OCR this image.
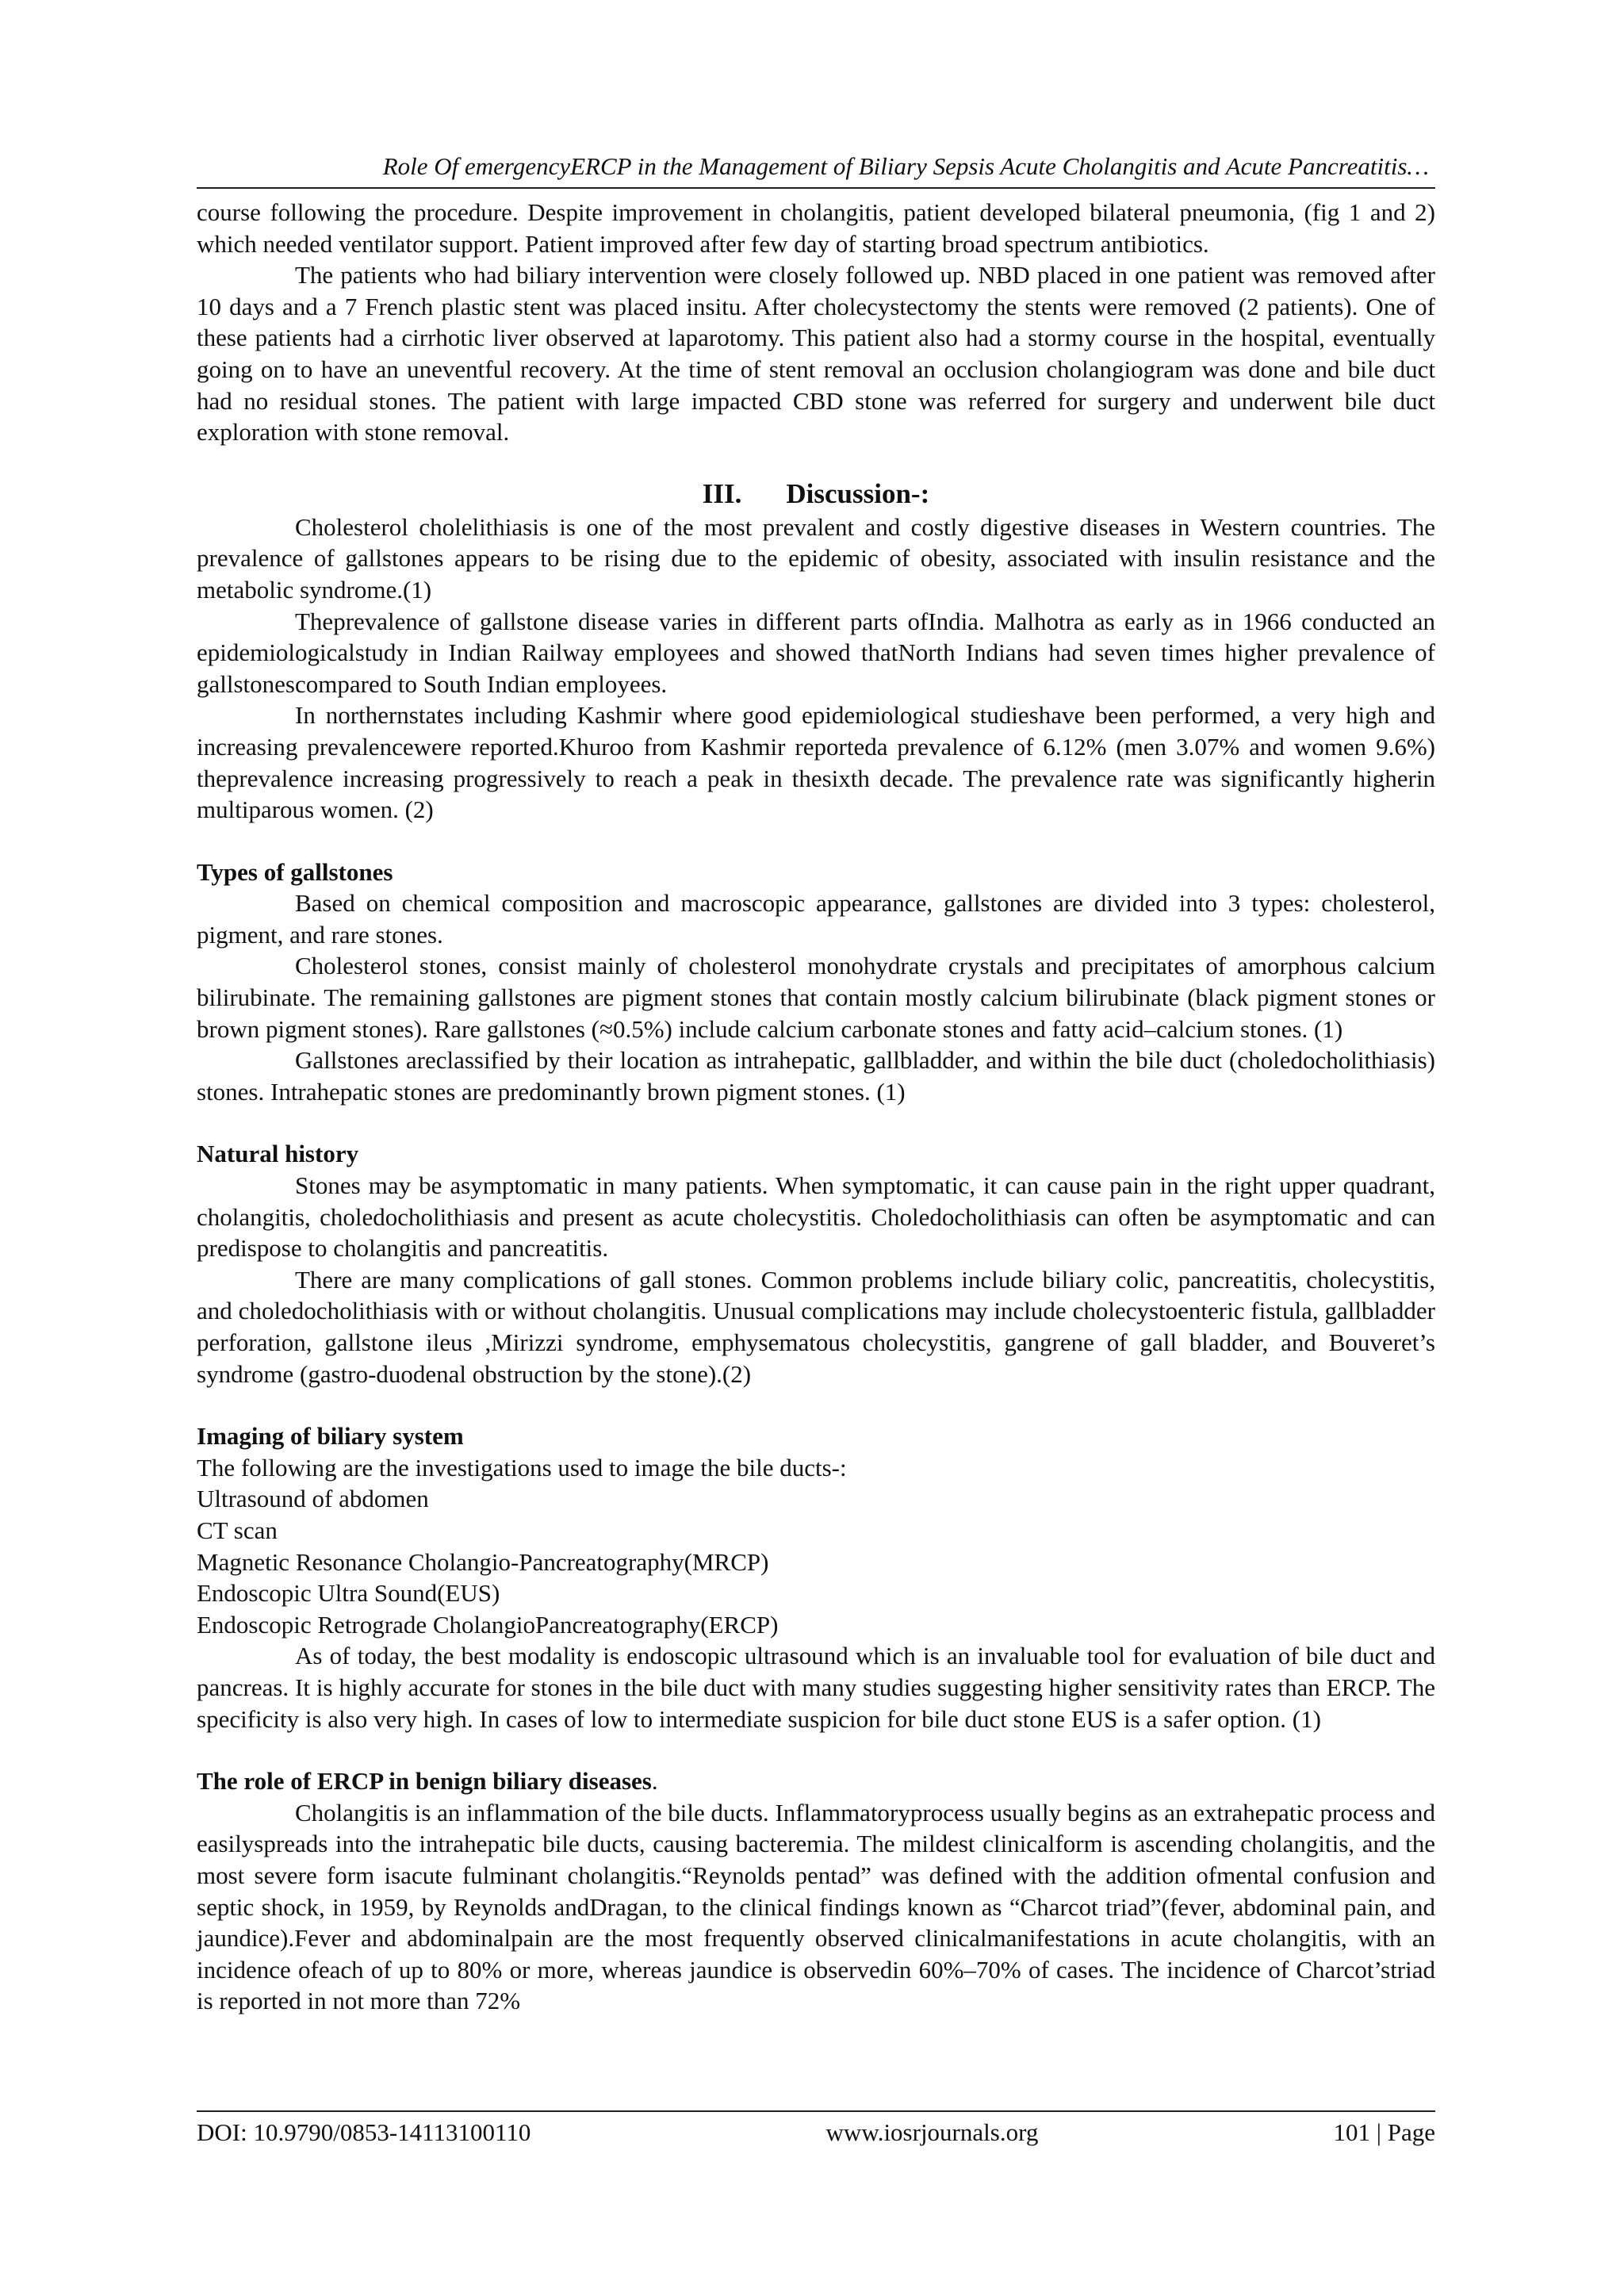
Role Of emergencyERCP in the Management of Biliary Sepsis Acute Cholangitis and Acute Pancreatitis…

course following the procedure. Despite improvement in cholangitis, patient developed bilateral pneumonia, (fig 1 and 2) which needed ventilator support. Patient improved after few day of starting broad spectrum antibiotics.

The patients who had biliary intervention were closely followed up. NBD placed in one patient was removed after 10 days and a 7 French plastic stent was placed insitu. After cholecystectomy the stents were removed (2 patients). One of these patients had a cirrhotic liver observed at laparotomy. This patient also had a stormy course in the hospital, eventually going on to have an uneventful recovery. At the time of stent removal an occlusion cholangiogram was done and bile duct had no residual stones. The patient with large impacted CBD stone was referred for surgery and underwent bile duct exploration with stone removal.

III. Discussion-:

Cholesterol cholelithiasis is one of the most prevalent and costly digestive diseases in Western countries. The prevalence of gallstones appears to be rising due to the epidemic of obesity, associated with insulin resistance and the metabolic syndrome.(1)

Theprevalence of gallstone disease varies in different parts ofIndia. Malhotra as early as in 1966 conducted an epidemiologicalstudy in Indian Railway employees and showed thatNorth Indians had seven times higher prevalence of gallstonescompared to South Indian employees.

In northernstates including Kashmir where good epidemiological studieshave been performed, a very high and increasing prevalencewere reported.Khuroo from Kashmir reporteda prevalence of 6.12% (men 3.07% and women 9.6%) theprevalence increasing progressively to reach a peak in thesixth decade. The prevalence rate was significantly higherin multiparous women. (2)

Types of gallstones

Based on chemical composition and macroscopic appearance, gallstones are divided into 3 types: cholesterol, pigment, and rare stones.

Cholesterol stones, consist mainly of cholesterol monohydrate crystals and precipitates of amorphous calcium bilirubinate. The remaining gallstones are pigment stones that contain mostly calcium bilirubinate (black pigment stones or brown pigment stones). Rare gallstones (≈0.5%) include calcium carbonate stones and fatty acid–calcium stones. (1)

Gallstones areclassified by their location as intrahepatic, gallbladder, and within the bile duct (choledocholithiasis) stones. Intrahepatic stones are predominantly brown pigment stones. (1)

Natural history

Stones may be asymptomatic in many patients. When symptomatic, it can cause pain in the right upper quadrant, cholangitis, choledocholithiasis and present as acute cholecystitis. Choledocholithiasis can often be asymptomatic and can predispose to cholangitis and pancreatitis.

There are many complications of gall stones. Common problems include biliary colic, pancreatitis, cholecystitis, and choledocholithiasis with or without cholangitis. Unusual complications may include cholecystoenteric fistula, gallbladder perforation, gallstone ileus ,Mirizzi syndrome, emphysematous cholecystitis, gangrene of gall bladder, and Bouveret’s syndrome (gastro-duodenal obstruction by the stone).(2)

Imaging of biliary system
The following are the investigations used to image the bile ducts-:
Ultrasound of abdomen
CT scan
Magnetic Resonance Cholangio-Pancreatography(MRCP)
Endoscopic Ultra Sound(EUS)
Endoscopic Retrograde CholangioPancreatography(ERCP)

As of today, the best modality is endoscopic ultrasound which is an invaluable tool for evaluation of bile duct and pancreas. It is highly accurate for stones in the bile duct with many studies suggesting higher sensitivity rates than ERCP. The specificity is also very high. In cases of low to intermediate suspicion for bile duct stone EUS is a safer option. (1)

The role of ERCP in benign biliary diseases.

Cholangitis is an inflammation of the bile ducts. Inflammatoryprocess usually begins as an extrahepatic process and easilyspreads into the intrahepatic bile ducts, causing bacteremia. The mildest clinicalform is ascending cholangitis, and the most severe form isacute fulminant cholangitis.“Reynolds pentad” was defined with the addition ofmental confusion and septic shock, in 1959, by Reynolds andDragan, to the clinical findings known as “Charcot triad”(fever, abdominal pain, and jaundice).Fever and abdominalpain are the most frequently observed clinicalmanifestations in acute cholangitis, with an incidence ofeach of up to 80% or more, whereas jaundice is observedin 60%–70% of cases. The incidence of Charcot’striad is reported in not more than 72%

DOI: 10.9790/0853-14113100110	www.iosrjournals.org	101 | Page
